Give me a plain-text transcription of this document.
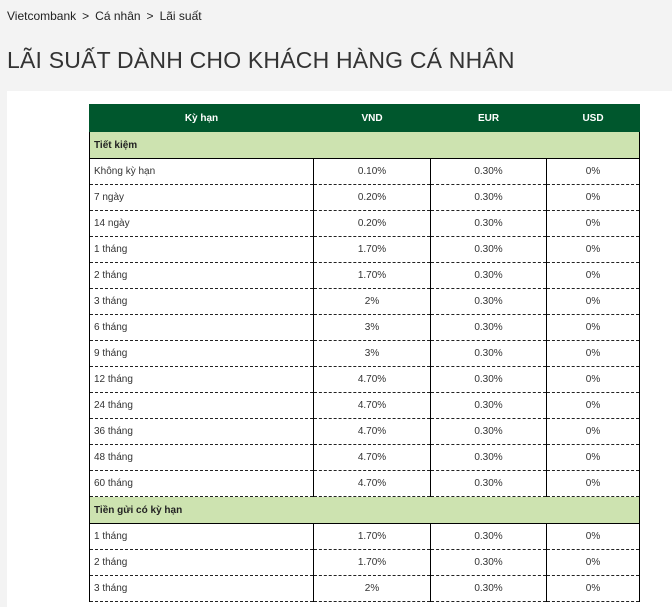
Vietcombank > Cá nhân > Lãi suất
LÃI SUẤT DÀNH CHO KHÁCH HÀNG CÁ NHÂN
Kỳ hạn	VND	EUR	USD
Tiết kiệm			
Không kỳ hạn	0.10%	0.30%	0%
7 ngày	0.20%	0.30%	0%
14 ngày	0.20%	0.30%	0%
1 tháng	1.70%	0.30%	0%
2 tháng	1.70%	0.30%	0%
3 tháng	2%	0.30%	0%
6 tháng	3%	0.30%	0%
9 tháng	3%	0.30%	0%
12 tháng	4.70%	0.30%	0%
24 tháng	4.70%	0.30%	0%
36 tháng	4.70%	0.30%	0%
48 tháng	4.70%	0.30%	0%
60 tháng	4.70%	0.30%	0%
Tiền gửi có kỳ hạn			
1 tháng	1.70%	0.30%	0%
2 tháng	1.70%	0.30%	0%
3 tháng	2%	0.30%	0%
